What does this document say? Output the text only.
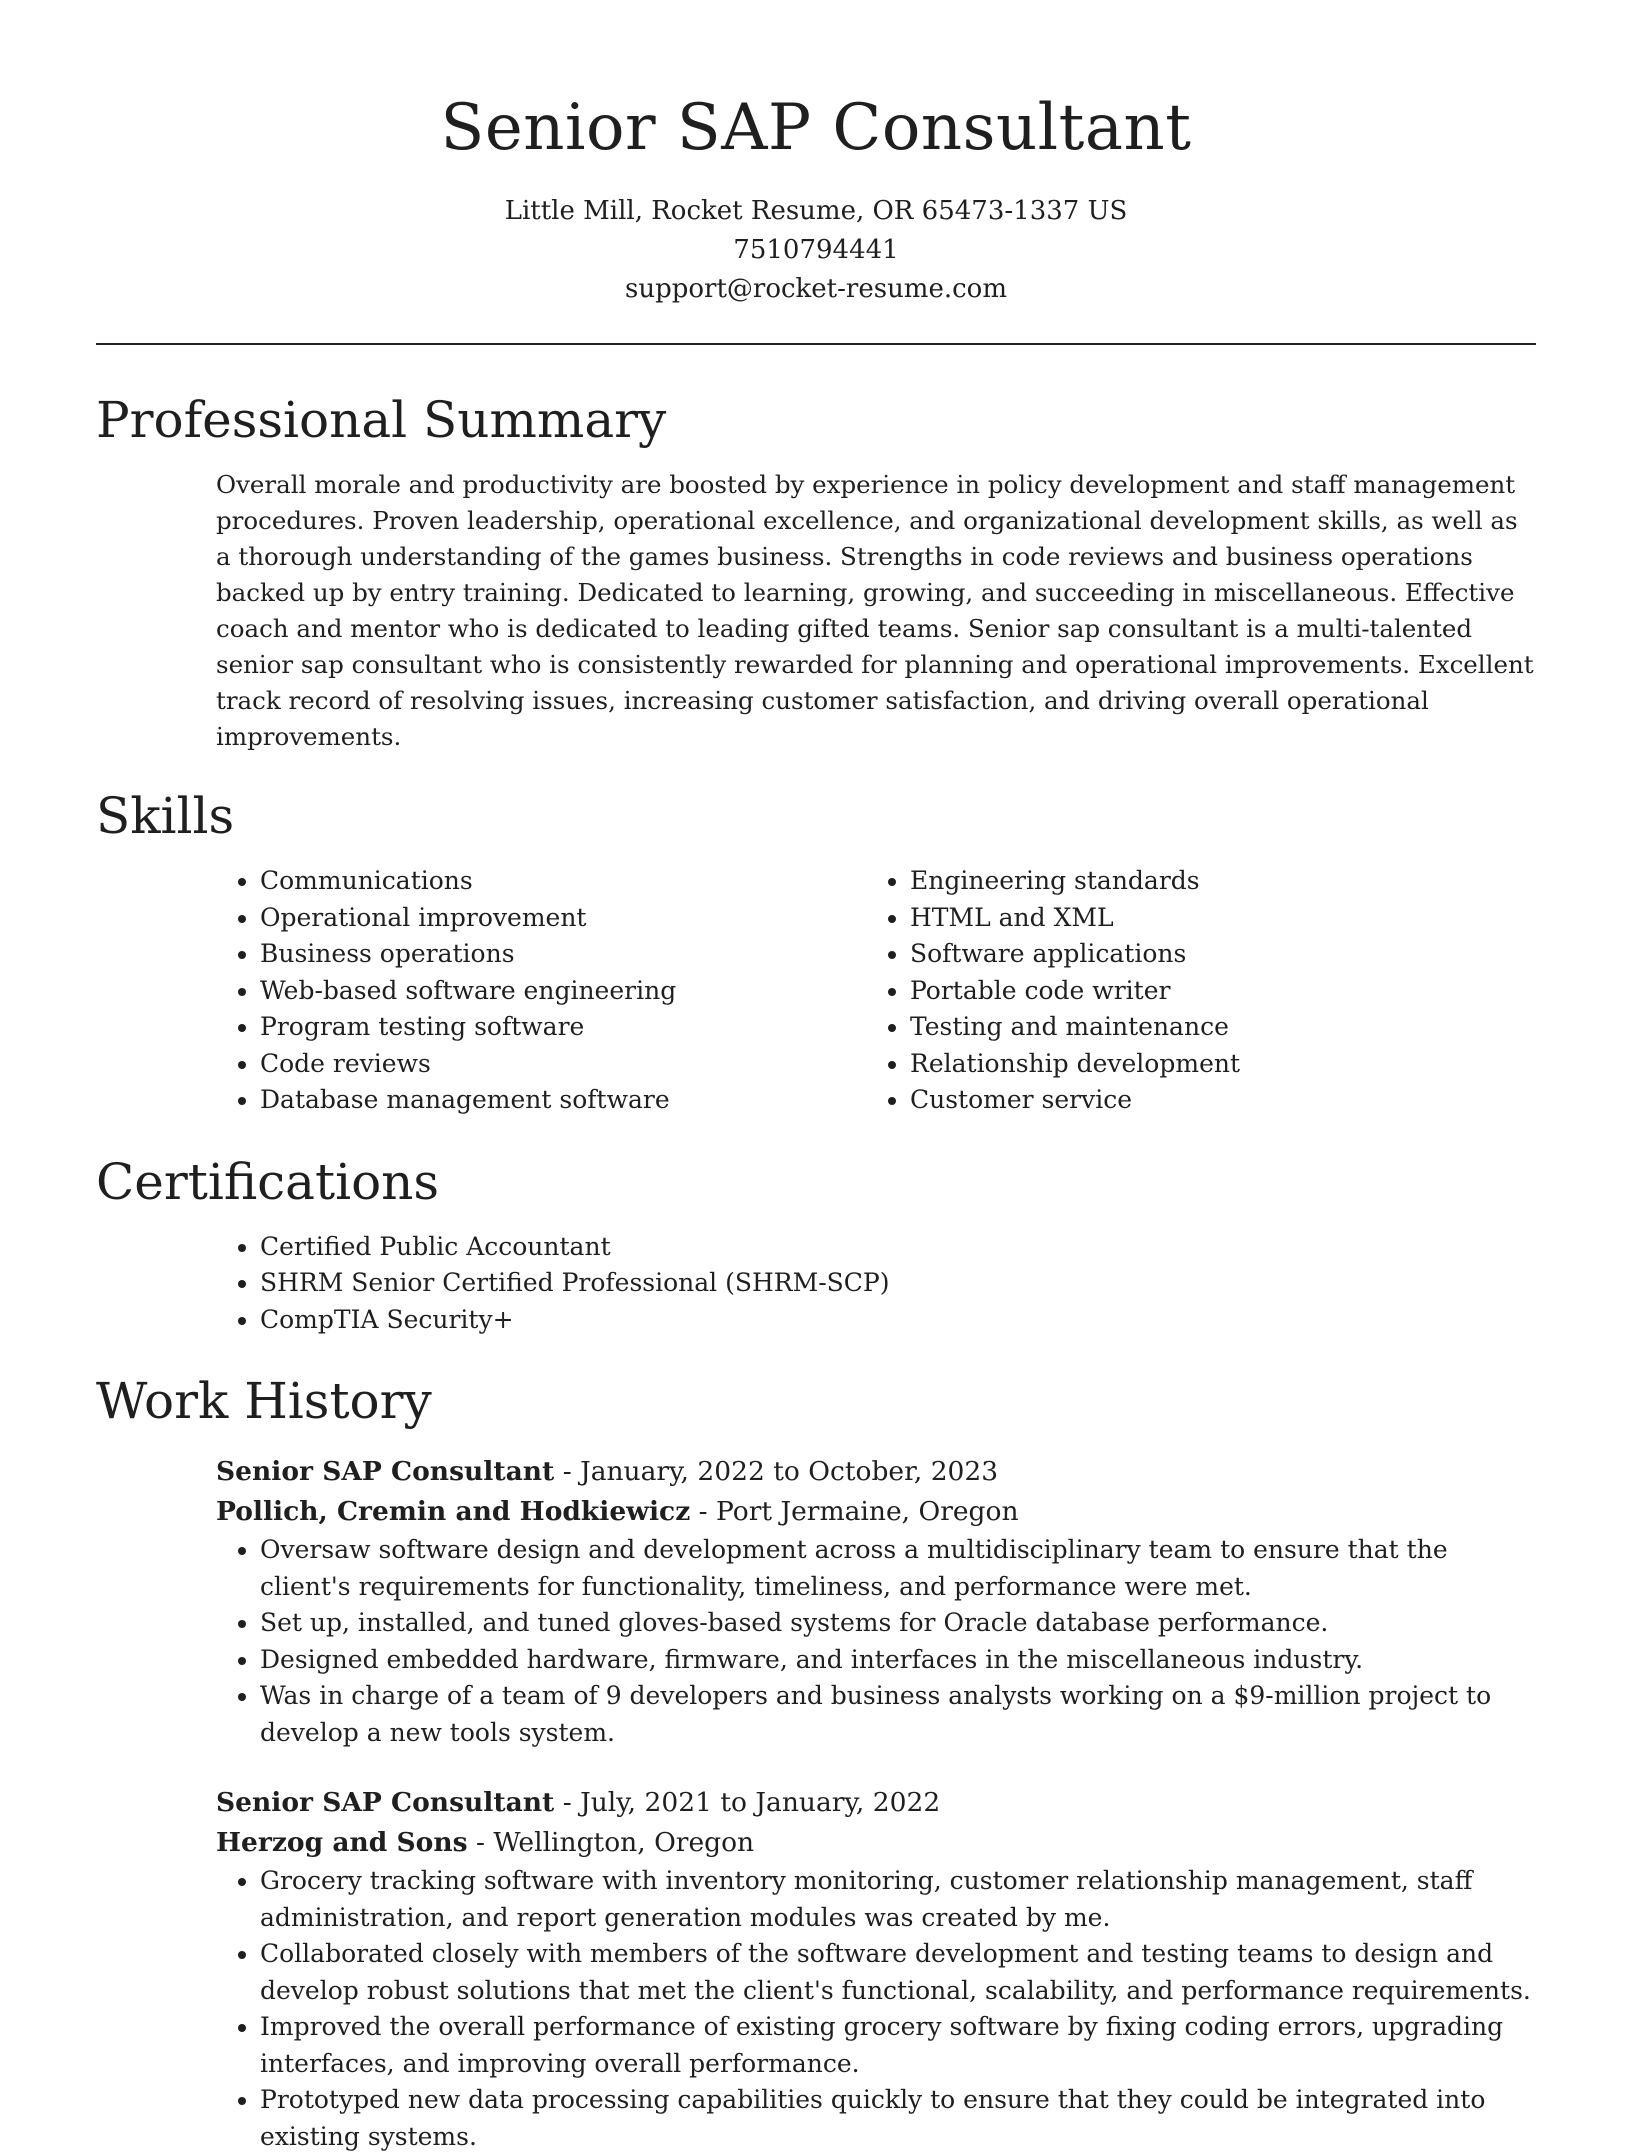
Senior SAP Consultant
Little Mill, Rocket Resume, OR 65473-1337 US
7510794441
support@rocket-resume.com
Professional Summary

Overall morale and productivity are boosted by experience in policy development and staff management procedures. Proven leadership, operational excellence, and organizational development skills, as well as a thorough understanding of the games business. Strengths in code reviews and business operations backed up by entry training. Dedicated to learning, growing, and succeeding in miscellaneous. Effective coach and mentor who is dedicated to leading gifted teams. Senior sap consultant is a multi-talented senior sap consultant who is consistently rewarded for planning and operational improvements. Excellent track record of resolving issues, increasing customer satisfaction, and driving overall operational improvements.

Skills
• Communications
• Operational improvement
• Business operations
• Web-based software engineering
• Program testing software
• Code reviews
• Database management software
• Engineering standards
• HTML and XML
• Software applications
• Portable code writer
• Testing and maintenance
• Relationship development
• Customer service
Certifications
• Certified Public Accountant
• SHRM Senior Certified Professional (SHRM-SCP)
• CompTIA Security+
Work History
Senior SAP Consultant - January, 2022 to October, 2023
Pollich, Cremin and Hodkiewicz - Port Jermaine, Oregon
• Oversaw software design and development across a multidisciplinary team to ensure that the client's requirements for functionality, timeliness, and performance were met.
• Set up, installed, and tuned gloves-based systems for Oracle database performance.
• Designed embedded hardware, firmware, and interfaces in the miscellaneous industry.
• Was in charge of a team of 9 developers and business analysts working on a $9-million project to develop a new tools system.
Senior SAP Consultant - July, 2021 to January, 2022
Herzog and Sons - Wellington, Oregon
• Grocery tracking software with inventory monitoring, customer relationship management, staff administration, and report generation modules was created by me.
• Collaborated closely with members of the software development and testing teams to design and develop robust solutions that met the client's functional, scalability, and performance requirements.
• Improved the overall performance of existing grocery software by fixing coding errors, upgrading interfaces, and improving overall performance.
• Prototyped new data processing capabilities quickly to ensure that they could be integrated into existing systems.
